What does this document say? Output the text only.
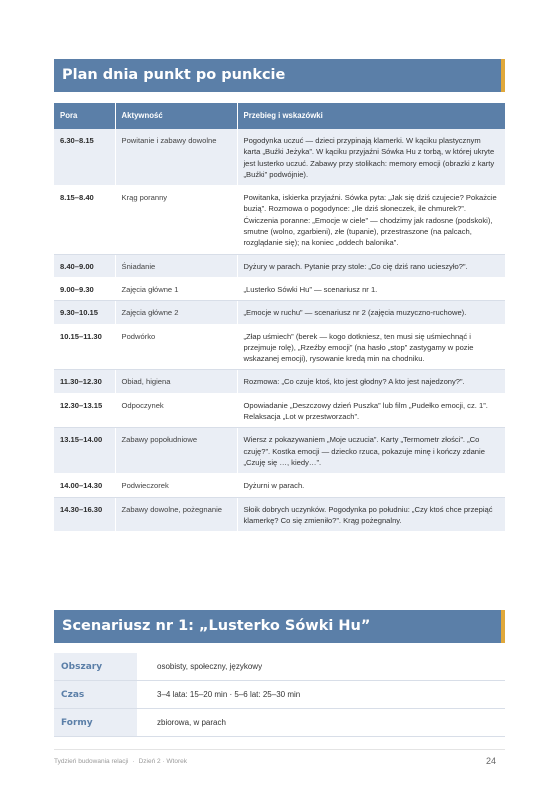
Plan dnia punkt po punkcie
Pora	Aktywność	Przebieg i wskazówki
6.30–8.15	Powitanie i zabawy dowolne	Pogodynka uczuć — dzieci przypinają klamerki. W kąciku plastycznym karta „Buźki Jeżyka”. W kąciku przyjaźni Sówka Hu z torbą, w której ukryte jest lusterko uczuć. Zabawy przy stolikach: memory emocji (obrazki z karty „Buźki” podwójnie).
8.15–8.40	Krąg poranny	Powitanka, iskierka przyjaźni. Sówka pyta: „Jak się dziś czujecie? Pokażcie buzią”. Rozmowa o pogodynce: „Ile dziś słoneczek, ile chmurek?”. Ćwiczenia poranne: „Emocje w ciele” — chodzimy jak radosne (podskoki), smutne (wolno, zgarbieni), złe (tupanie), przestraszone (na palcach, rozglądanie się); na koniec „oddech balonika”.
8.40–9.00	Śniadanie	Dyżury w parach. Pytanie przy stole: „Co cię dziś rano ucieszyło?”.
9.00–9.30	Zajęcia główne 1	„Lusterko Sówki Hu” — scenariusz nr 1.
9.30–10.15	Zajęcia główne 2	„Emocje w ruchu” — scenariusz nr 2 (zajęcia muzyczno-ruchowe).
10.15–11.30	Podwórko	„Złap uśmiech” (berek — kogo dotkniesz, ten musi się uśmiechnąć i przejmuje rolę), „Rzeźby emocji” (na hasło „stop” zastygamy w pozie wskazanej emocji), rysowanie kredą min na chodniku.
11.30–12.30	Obiad, higiena	Rozmowa: „Co czuje ktoś, kto jest głodny? A kto jest najedzony?”.
12.30–13.15	Odpoczynek	Opowiadanie „Deszczowy dzień Puszka” lub film „Pudełko emocji, cz. 1”. Relaksacja „Lot w przestworzach”.
13.15–14.00	Zabawy popołudniowe	Wiersz z pokazywaniem „Moje uczucia”. Karty „Termometr złości”. „Co czuję?”. Kostka emocji — dziecko rzuca, pokazuje minę i kończy zdanie „Czuję się …, kiedy…”.
14.00–14.30	Podwieczorek	Dyżurni w parach.
14.30–16.30	Zabawy dowolne, pożegnanie	Słoik dobrych uczynków. Pogodynka po południu: „Czy ktoś chce przepiąć klamerkę? Co się zmieniło?”. Krąg pożegnalny.
Scenariusz nr 1: „Lusterko Sówki Hu”
Obszary	osobisty, społeczny, językowy
Czas	3–4 lata: 15–20 min · 5–6 lat: 25–30 min
Formy	zbiorowa, w parach
Tydzień budowania relacji · Dzień 2 · Wtorek	24
